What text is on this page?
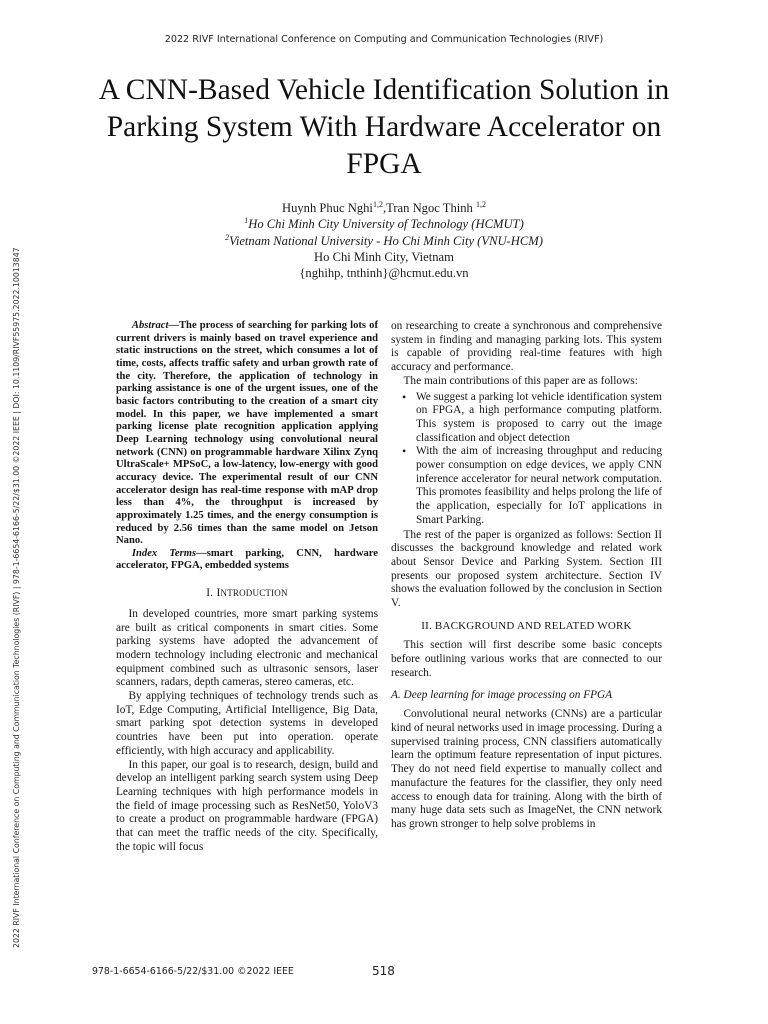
2022 RIVF International Conference on Computing and Communication Technologies (RIVF)
2022 RIVF International Conference on Computing and Communication Technologies (RIVF) | 978-1-6654-6166-5/22/$31.00 ©2022 IEEE | DOI: 10.1109/RIVF55975.2022.10013847
A CNN-Based Vehicle Identification Solution in Parking System With Hardware Accelerator on FPGA
Huynh Phuc Nghi$^{1,2}$,Tran Ngoc Thinh $^{1,2}$
$^1$Ho Chi Minh City University of Technology (HCMUT)
$^2$Vietnam National University - Ho Chi Minh City (VNU-HCM)
Ho Chi Minh City, Vietnam
{nghihp, tnthinh}@hcmut.edu.vn

Abstract—The process of searching for parking lots of current drivers is mainly based on travel experience and static instructions on the street, which consumes a lot of time, costs, affects traffic safety and urban growth rate of the city. Therefore, the application of technology in parking assistance is one of the urgent issues, one of the basic factors contributing to the creation of a smart city model. In this paper, we have implemented a smart parking license plate recognition application applying Deep Learning technology using convolutional neural network (CNN) on programmable hardware Xilinx Zynq UltraScale+ MPSoC, a low-latency, low-energy with good accuracy device. The experimental result of our CNN accelerator design has real-time response with mAP drop less than 4%, the throughput is increased by approximately 1.25 times, and the energy consumption is reduced by 2.56 times than the same model on Jetson Nano.

Index Terms—smart parking, CNN, hardware accelerator, FPGA, embedded systems

I. INTRODUCTION

In developed countries, more smart parking systems are built as critical components in smart cities. Some parking systems have adopted the advancement of modern technology including electronic and mechanical equipment combined such as ultrasonic sensors, laser scanners, radars, depth cameras, stereo cameras, etc.

By applying techniques of technology trends such as IoT, Edge Computing, Artificial Intelligence, Big Data, smart parking spot detection systems in developed countries have been put into operation. operate efficiently, with high accuracy and applicability.

In this paper, our goal is to research, design, build and develop an intelligent parking search system using Deep Learning techniques with high performance models in the field of image processing such as ResNet50, YoloV3 to create a product on programmable hardware (FPGA) that can meet the traffic needs of the city. Specifically, the topic will focus

on researching to create a synchronous and comprehensive system in finding and managing parking lots. This system is capable of providing real-time features with high accuracy and performance.

The main contributions of this paper are as follows:

• We suggest a parking lot vehicle identification system on FPGA, a high performance computing platform. This system is proposed to carry out the image classification and object detection
• With the aim of increasing throughput and reducing power consumption on edge devices, we apply CNN inference accelerator for neural network computation. This promotes feasibility and helps prolong the life of the application, especially for IoT applications in Smart Parking.

The rest of the paper is organized as follows: Section II discusses the background knowledge and related work about Sensor Device and Parking System. Section III presents our proposed system architecture. Section IV shows the evaluation followed by the conclusion in Section V.

II. BACKGROUND AND RELATED WORK

This section will first describe some basic concepts before outlining various works that are connected to our research.

A. Deep learning for image processing on FPGA

Convolutional neural networks (CNNs) are a particular kind of neural networks used in image processing. During a supervised training process, CNN classifiers automatically learn the optimum feature representation of input pictures. They do not need field expertise to manually collect and manufacture the features for the classifier, they only need access to enough data for training. Along with the birth of many huge data sets such as ImageNet, the CNN network has grown stronger to help solve problems in

978-1-6654-6166-5/22/$31.00 ©2022 IEEE	518
